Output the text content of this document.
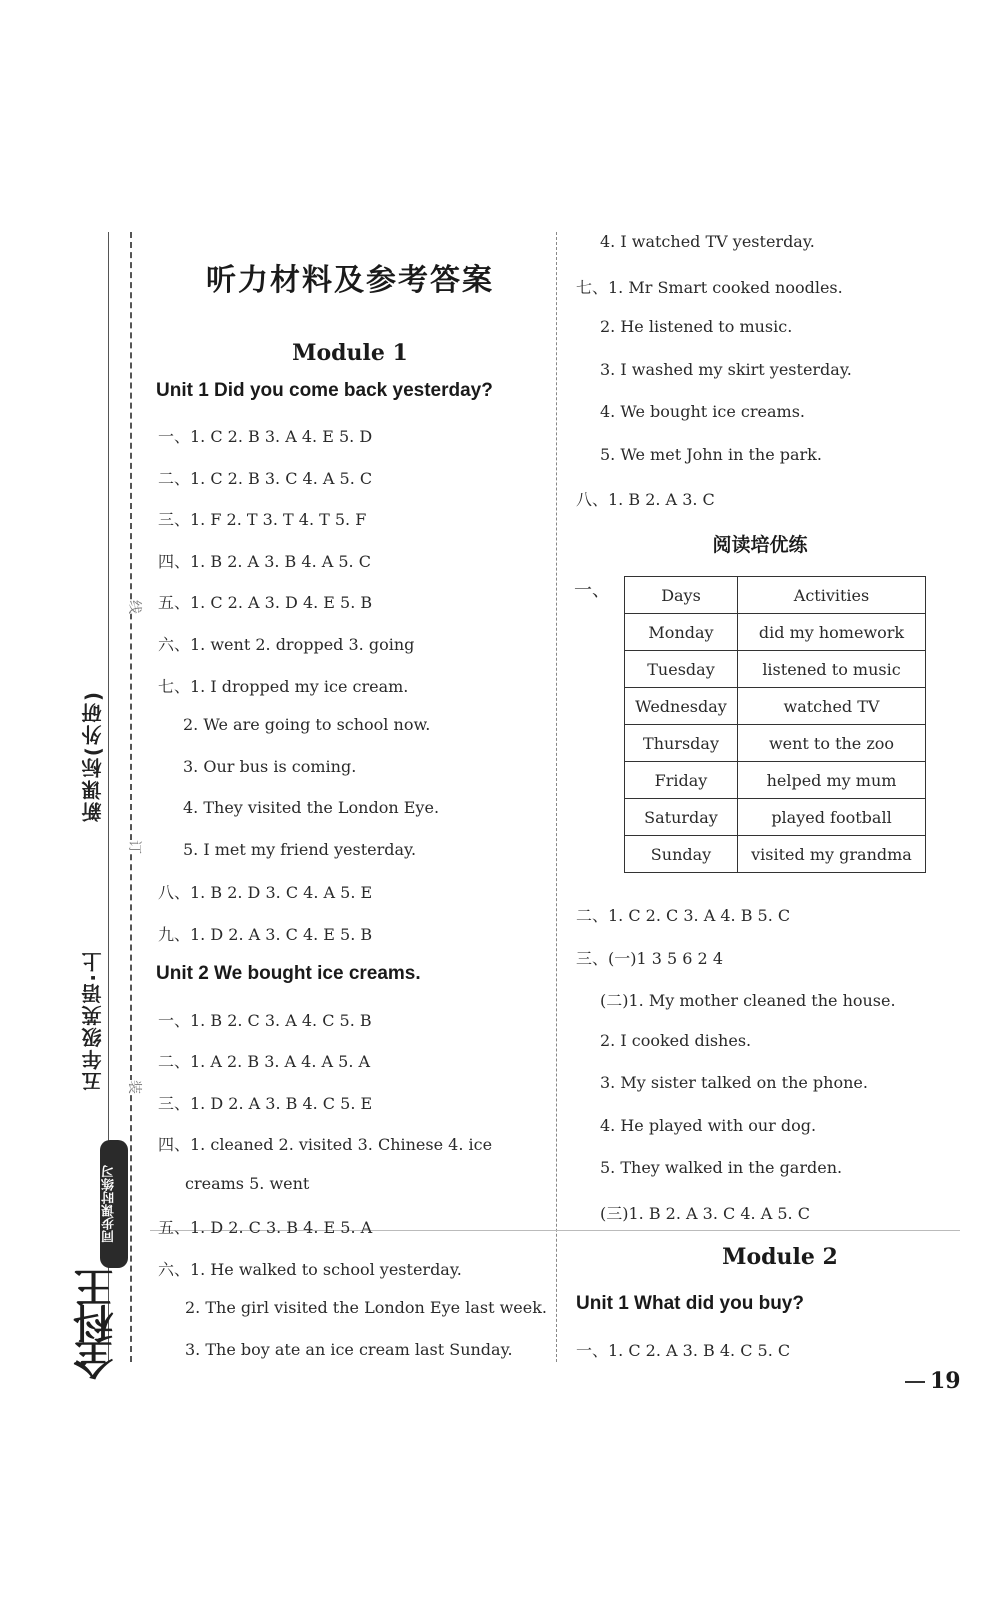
新课标(外研)
五年级英语·上
线
订
装
同步课时练习
全科王
听力材料及参考答案
Module 1
Unit 1 Did you come back yesterday?
一、1. C 2. B 3. A 4. E 5. D
二、1. C 2. B 3. C 4. A 5. C
三、1. F 2. T 3. T 4. T 5. F
四、1. B 2. A 3. B 4. A 5. C
五、1. C 2. A 3. D 4. E 5. B
六、1. went 2. dropped 3. going
七、1. I dropped my ice cream.
2. We are going to school now.
3. Our bus is coming.
4. They visited the London Eye.
5. I met my friend yesterday.
八、1. B 2. D 3. C 4. A 5. E
九、1. D 2. A 3. C 4. E 5. B
Unit 2 We bought ice creams.
一、1. B 2. C 3. A 4. C 5. B
二、1. A 2. B 3. A 4. A 5. A
三、1. D 2. A 3. B 4. C 5. E
四、1. cleaned 2. visited 3. Chinese 4. ice
creams 5. went
五、1. D 2. C 3. B 4. E 5. A
六、1. He walked to school yesterday.
2. The girl visited the London Eye last week.
3. The boy ate an ice cream last Sunday.
4. I watched TV yesterday.
七、1. Mr Smart cooked noodles.
2. He listened to music.
3. I washed my skirt yesterday.
4. We bought ice creams.
5. We met John in the park.
八、1. B 2. A 3. C
阅读培优练
一、	Days	Activities
Monday	did my homework
Tuesday	listened to music
Wednesday	watched TV
Thursday	went to the zoo
Friday	helped my mum
Saturday	played football
Sunday	visited my grandma
二、1. C 2. C 3. A 4. B 5. C
三、(一)1 3 5 6 2 4
(二)1. My mother cleaned the house.
2. I cooked dishes.
3. My sister talked on the phone.
4. He played with our dog.
5. They walked in the garden.
(三)1. B 2. A 3. C 4. A 5. C
Module 2
Unit 1 What did you buy?
一、1. C 2. A 3. B 4. C 5. C
19
